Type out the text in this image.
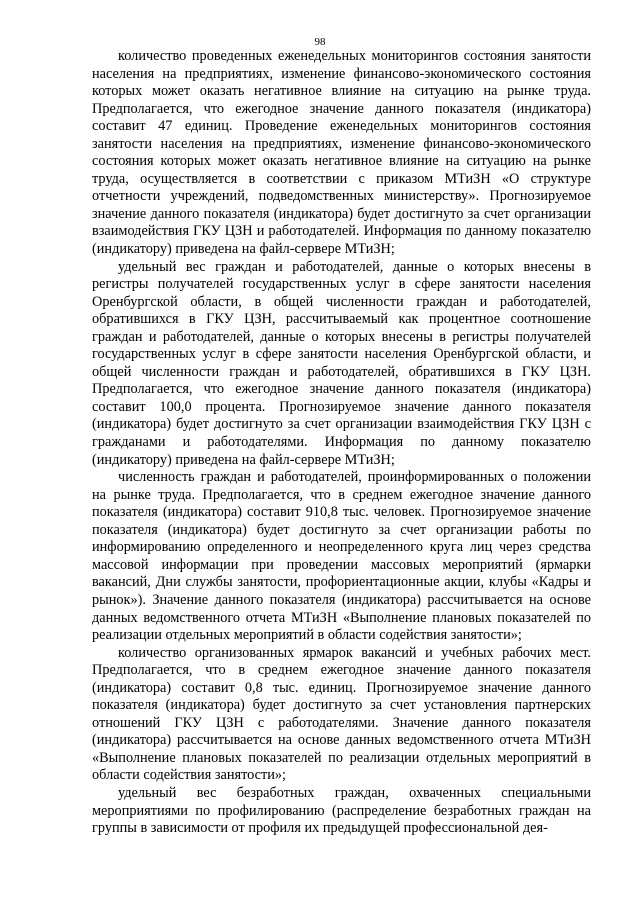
98

количество проведенных еженедельных мониторингов состояния занятости населения на предприятиях, изменение финансово-экономического состояния которых может оказать негативное влияние на ситуацию на рынке труда. Предполагается, что ежегодное значение данного показателя (индикатора) составит 47 единиц. Проведение еженедельных мониторингов состояния занятости населения на предприятиях, изменение финансово-экономического состояния которых может оказать негативное влияние на ситуацию на рынке труда, осуществляется в соответствии с приказом МТиЗН «О структуре отчетности учреждений, подведомственных министерству». Прогнозируемое значение данного показателя (индикатора) будет достигнуто за счет организации взаимодействия ГКУ ЦЗН и работодателей. Информация по данному показателю (индикатору) приведена на файл-сервере МТиЗН;

удельный вес граждан и работодателей, данные о которых внесены в регистры получателей государственных услуг в сфере занятости населения Оренбургской области, в общей численности граждан и работодателей, обратившихся в ГКУ ЦЗН, рассчитываемый как процентное соотношение граждан и работодателей, данные о которых внесены в регистры получателей государственных услуг в сфере занятости населения Оренбургской области, и общей численности граждан и работодателей, обратившихся в ГКУ ЦЗН. Предполагается, что ежегодное значение данного показателя (индикатора) составит 100,0 процента. Прогнозируемое значение данного показателя (индикатора) будет достигнуто за счет организации взаимодействия ГКУ ЦЗН с гражданами и работодателями. Информация по данному показателю (индикатору) приведена на файл-сервере МТиЗН;

численность граждан и работодателей, проинформированных о положении на рынке труда. Предполагается, что в среднем ежегодное значение данного показателя (индикатора) составит 910,8 тыс. человек. Прогнозируемое значение показателя (индикатора) будет достигнуто за счет организации работы по информированию определенного и неопределенного круга лиц через средства массовой информации при проведении массовых мероприятий (ярмарки вакансий, Дни службы занятости, профориентационные акции, клубы «Кадры и рынок»). Значение данного показателя (индикатора) рассчитывается на основе данных ведомственного отчета МТиЗН «Выполнение плановых показателей по реализации отдельных мероприятий в области содействия занятости»;

количество организованных ярмарок вакансий и учебных рабочих мест. Предполагается, что в среднем ежегодное значение данного показателя (индикатора) составит 0,8 тыс. единиц. Прогнозируемое значение данного показателя (индикатора) будет достигнуто за счет установления партнерских отношений ГКУ ЦЗН с работодателями. Значение данного показателя (индикатора) рассчитывается на основе данных ведомственного отчета МТиЗН «Выполнение плановых показателей по реализации отдельных мероприятий в области содействия занятости»;

удельный вес безработных граждан, охваченных специальными мероприятиями по профилированию (распределение безработных граждан на группы в зависимости от профиля их предыдущей профессиональной дея-
